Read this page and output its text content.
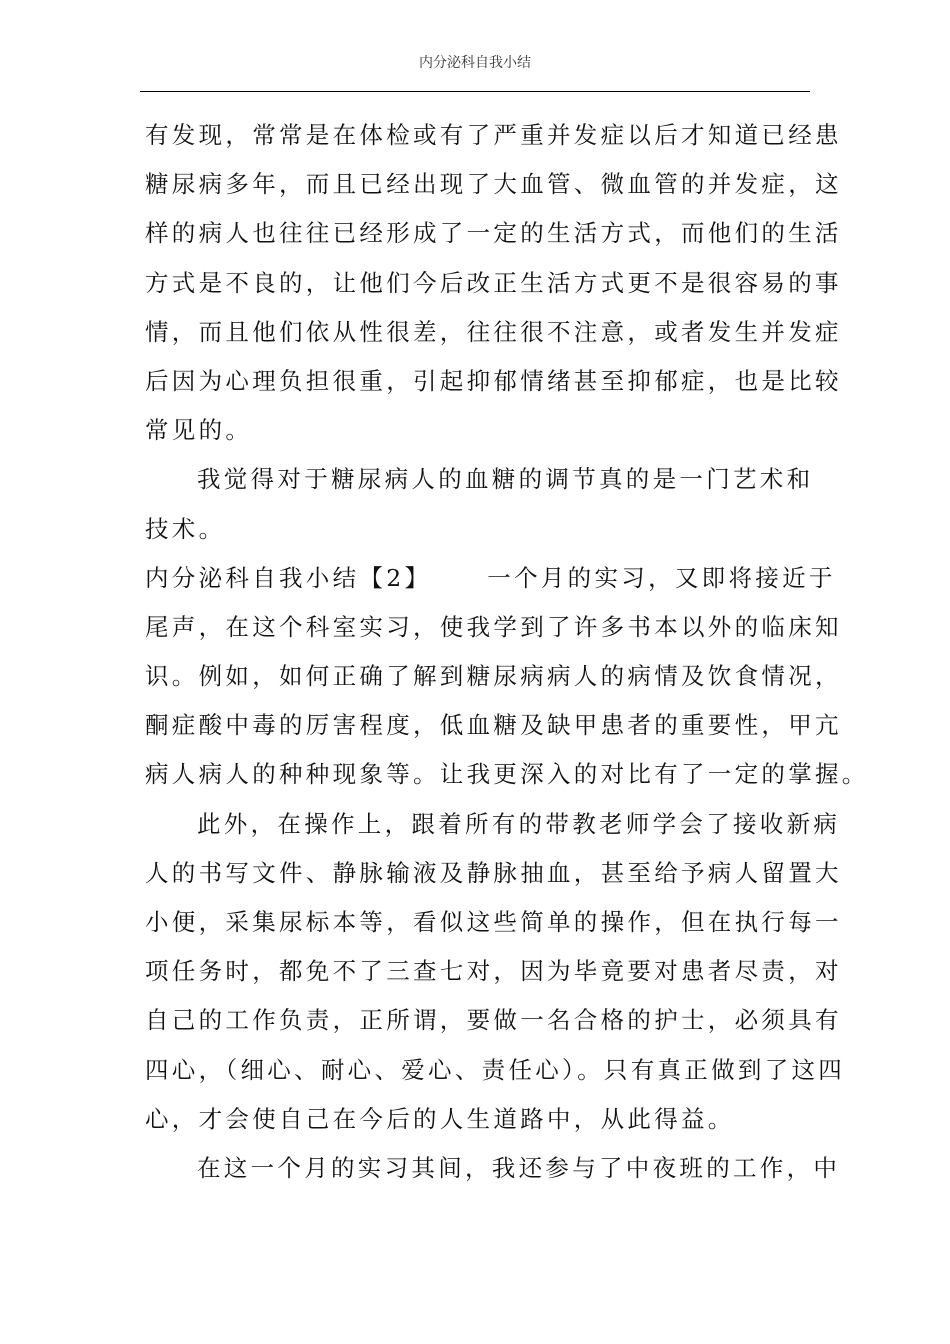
内分泌科自我小结
有发现，常常是在体检或有了严重并发症以后才知道已经患
糖尿病多年，而且已经出现了大血管、微血管的并发症，这
样的病人也往往已经形成了一定的生活方式，而他们的生活
方式是不良的，让他们今后改正生活方式更不是很容易的事
情，而且他们依从性很差，往往很不注意，或者发生并发症
后因为心理负担很重，引起抑郁情绪甚至抑郁症，也是比较
常见的。
我觉得对于糖尿病人的血糖的调节真的是一门艺术和
技术。
内分泌科自我小结【2】 一个月的实习，又即将接近于
尾声，在这个科室实习，使我学到了许多书本以外的临床知
识。例如，如何正确了解到糖尿病病人的病情及饮食情况，
酮症酸中毒的厉害程度，低血糖及缺甲患者的重要性，甲亢
病人病人的种种现象等。让我更深入的对比有了一定的掌握。
此外，在操作上，跟着所有的带教老师学会了接收新病
人的书写文件、静脉输液及静脉抽血，甚至给予病人留置大
小便，采集尿标本等，看似这些简单的操作，但在执行每一
项任务时，都免不了三查七对，因为毕竟要对患者尽责，对
自己的工作负责，正所谓，要做一名合格的护士，必须具有
四心，（细心、耐心、爱心、责任心）。只有真正做到了这四
心，才会使自己在今后的人生道路中，从此得益。
在这一个月的实习其间，我还参与了中夜班的工作，中
